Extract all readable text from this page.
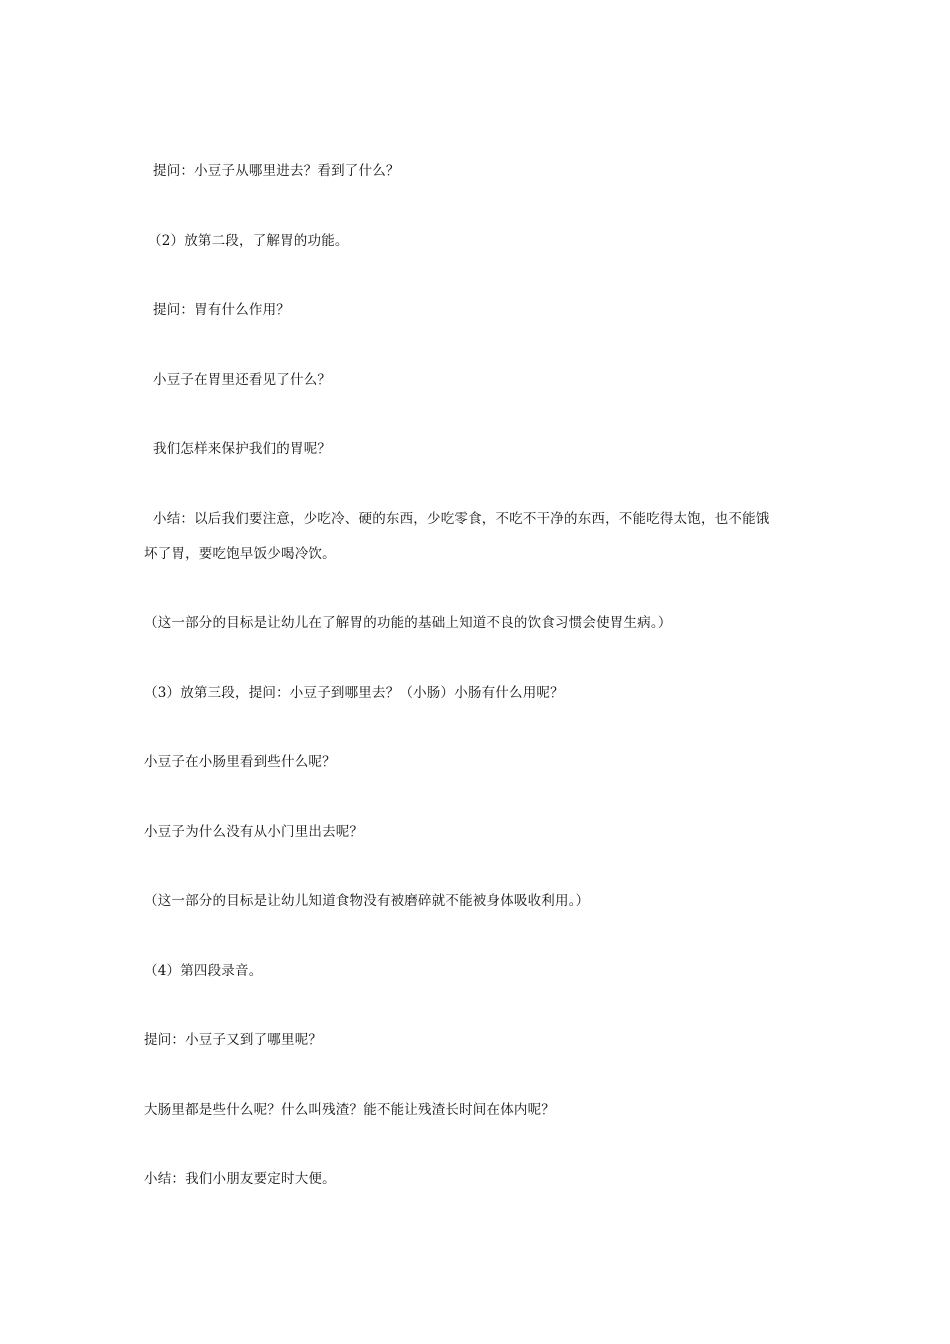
提问：小豆子从哪里进去？看到了什么？
（2）放第二段，了解胃的功能。
提问：胃有什么作用？
小豆子在胃里还看见了什么？
我们怎样来保护我们的胃呢？
小结：以后我们要注意，少吃冷、硬的东西，少吃零食，不吃不干净的东西，不能吃得太饱，也不能饿
坏了胃，要吃饱早饭少喝冷饮。
（这一部分的目标是让幼儿在了解胃的功能的基础上知道不良的饮食习惯会使胃生病。）
（3）放第三段，提问：小豆子到哪里去？（小肠）小肠有什么用呢？
小豆子在小肠里看到些什么呢？
小豆子为什么没有从小门里出去呢？
（这一部分的目标是让幼儿知道食物没有被磨碎就不能被身体吸收利用。）
（4）第四段录音。
提问：小豆子又到了哪里呢？
大肠里都是些什么呢？什么叫残渣？能不能让残渣长时间在体内呢？
小结：我们小朋友要定时大便。
